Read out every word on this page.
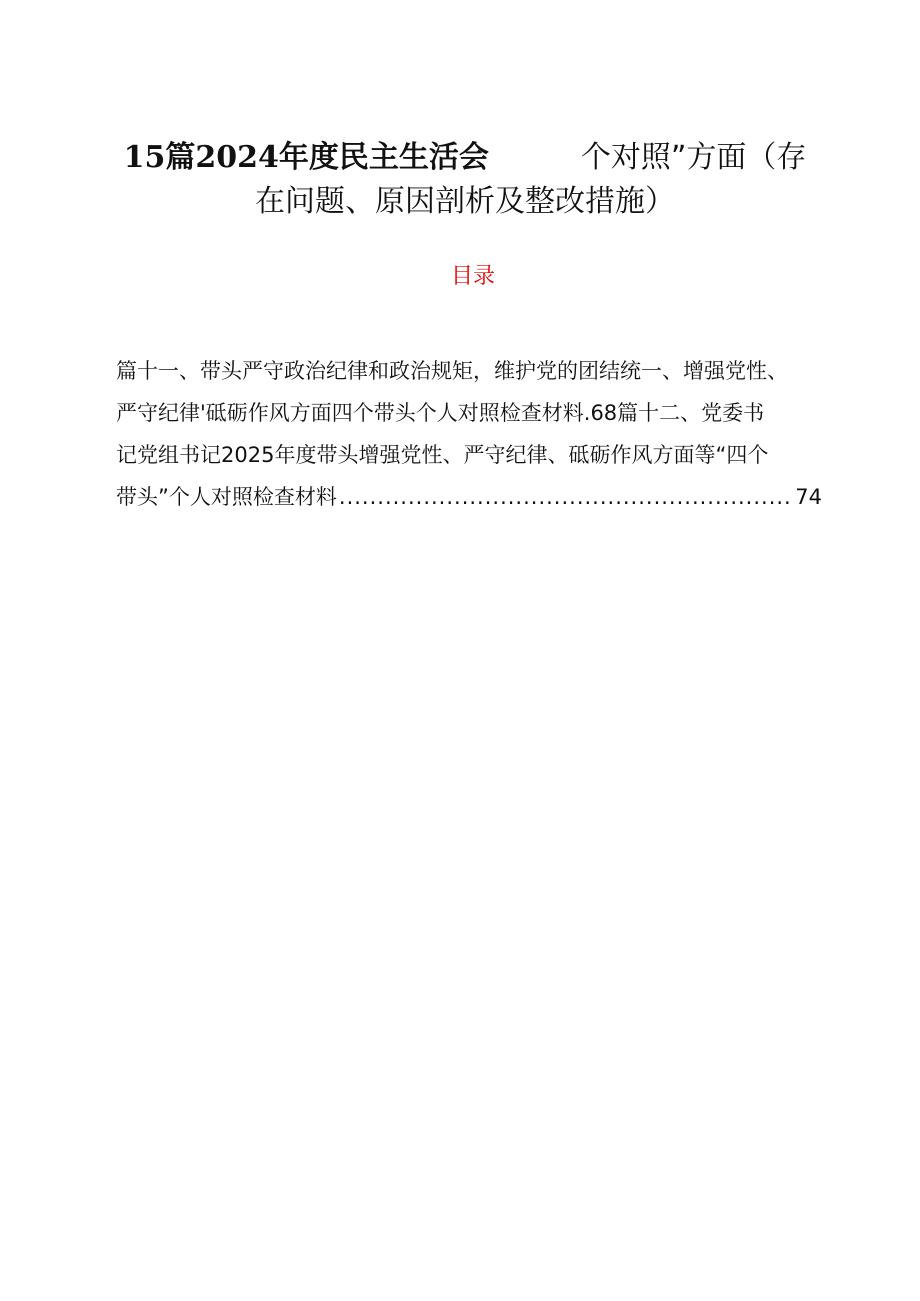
15篇2024年度民主生活会	个对照”方面（存
在问题、原因剖析及整改措施）
目录
篇十一、带头严守政治纪律和政治规矩，维护党的团结统一、增强党性、
严守纪律'砥砺作风方面四个带头个人对照检查材料.68篇十二、党委书
记党组书记2025年度带头增强党性、严守纪律、砥砺作风方面等“四个
带头”个人对照检查材料
.....	74
